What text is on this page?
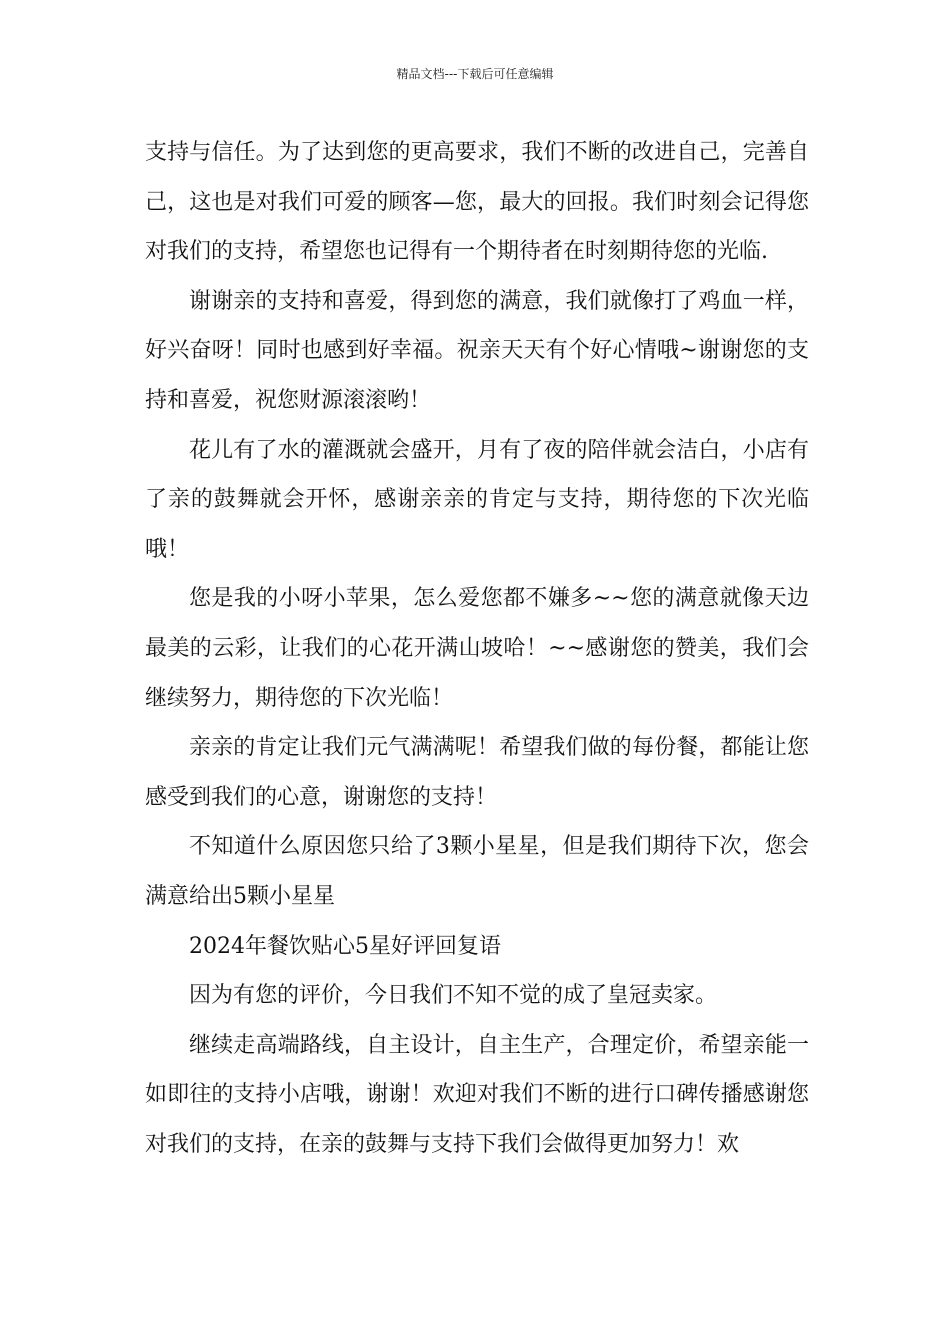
精品文档---下载后可任意编辑

支持与信任。为了达到您的更高要求，我们不断的改进自己，完善自己，这也是对我们可爱的顾客—您，最大的回报。我们时刻会记得您对我们的支持，希望您也记得有一个期待者在时刻期待您的光临.

谢谢亲的支持和喜爱，得到您的满意，我们就像打了鸡血一样，好兴奋呀！同时也感到好幸福。祝亲天天有个好心情哦~谢谢您的支持和喜爱，祝您财源滚滚哟！

花儿有了水的灌溉就会盛开，月有了夜的陪伴就会洁白，小店有了亲的鼓舞就会开怀，感谢亲亲的肯定与支持，期待您的下次光临哦！

您是我的小呀小苹果，怎么爱您都不嫌多~~您的满意就像天边最美的云彩，让我们的心花开满山坡哈！~~感谢您的赞美，我们会继续努力，期待您的下次光临！

亲亲的肯定让我们元气满满呢！希望我们做的每份餐，都能让您感受到我们的心意，谢谢您的支持！

不知道什么原因您只给了3颗小星星，但是我们期待下次，您会满意给出5颗小星星

2024年餐饮贴心5星好评回复语

因为有您的评价，今日我们不知不觉的成了皇冠卖家。

继续走高端路线，自主设计，自主生产，合理定价，希望亲能一如即往的支持小店哦，谢谢！欢迎对我们不断的进行口碑传播感谢您对我们的支持，在亲的鼓舞与支持下我们会做得更加努力！欢
